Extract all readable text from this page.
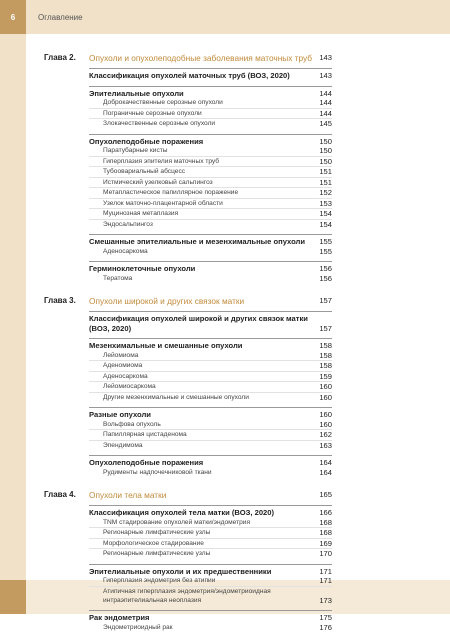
6	Оглавление
Глава 2.	Опухоли и опухолеподобные заболевания маточных труб 143
Классификация опухолей маточных труб (ВОЗ, 2020)	143
Эпителиальные опухоли	144
Доброкачественные серозные опухоли	144
Пограничные серозные опухоли	144
Злокачественные серозные опухоли	145
Опухолеподобные поражения	150
Паратубарные кисты	150
Гиперплазия эпителия маточных труб	150
Тубоовариальный абсцесс	151
Истмический узелковый сальпингоз	151
Метапластическое папиллярное поражение	152
Узелок маточно-плацентарной области	153
Муцинозная метаплазия	154
Эндосальпингоз	154
Смешанные эпителиальные и мезенхимальные опухоли	155
Аденосаркома	155
Герминоклеточные опухоли	156
Тератома	156
Глава 3.	Опухоли широкой и других связок матки	157
Классификация опухолей широкой и других связок матки (ВОЗ, 2020)	157
Мезенхимальные и смешанные опухоли	158
Лейомиома	158
Аденомиома	158
Аденосаркома	159
Лейомиосаркома	160
Другие мезенхимальные и смешанные опухоли	160
Разные опухоли	160
Вольфова опухоль	160
Папиллярная цистаденома	162
Эпендимома	163
Опухолеподобные поражения	164
Рудименты надпочечниковой ткани	164
Глава 4.	Опухоли тела матки	165
Классификация опухолей тела матки (ВОЗ, 2020)	166
TNM стадирование опухолей матки/эндометрия	168
Регионарные лимфатические узлы	168
Морфологическое стадирование	169
Регионарные лимфатические узлы	170
Эпителиальные опухоли и их предшественники	171
Гиперплазия эндометрия без атипии	171
Атипичная гиперплазия эндометрия/эндометриоидная интраэпителиальная неоплазия	173
Рак эндометрия	175
Эндометриоидный рак	176
